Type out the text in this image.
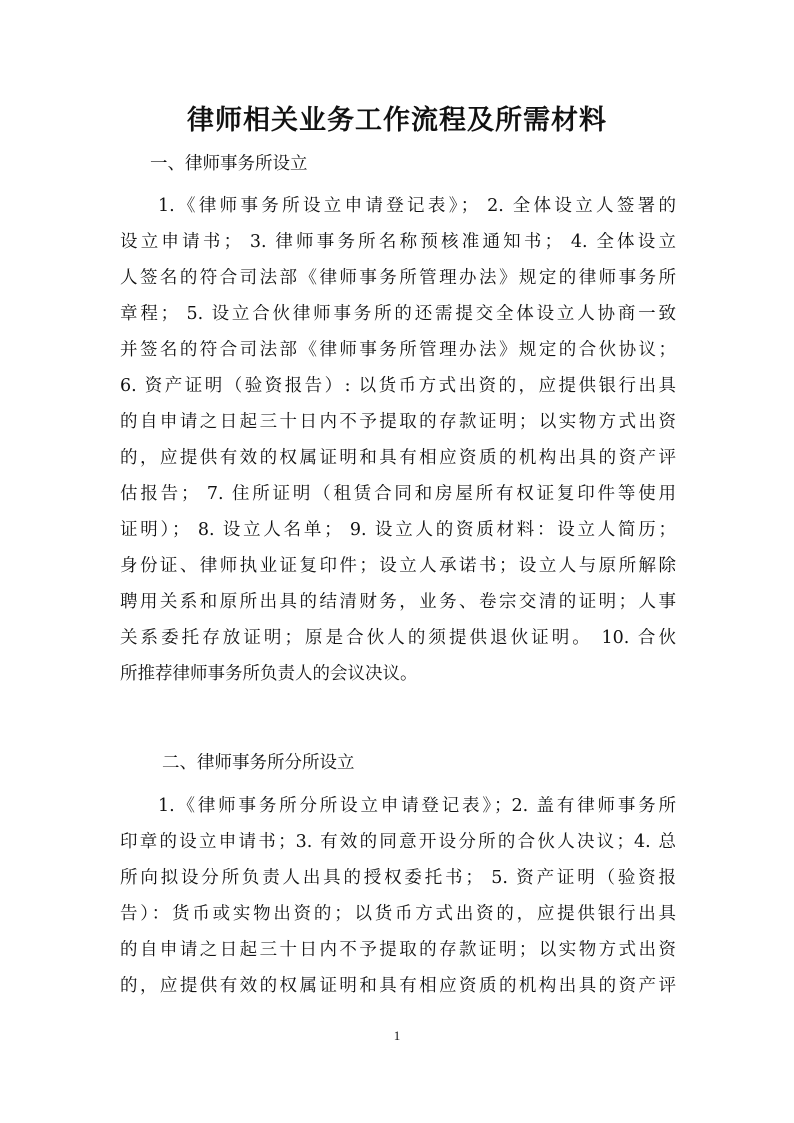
律师相关业务工作流程及所需材料

一、律师事务所设立

1.《律师事务所设立申请登记表》； 2. 全体设立人签署的
设立申请书； 3. 律师事务所名称预核准通知书； 4. 全体设立
人签名的符合司法部《律师事务所管理办法》规定的律师事务所
章程； 5. 设立合伙律师事务所的还需提交全体设立人协商一致
并签名的符合司法部《律师事务所管理办法》规定的合伙协议；
6. 资产证明（验资报告）: 以货币方式出资的，应提供银行出具
的自申请之日起三十日内不予提取的存款证明；以实物方式出资
的，应提供有效的权属证明和具有相应资质的机构出具的资产评
估报告； 7. 住所证明（租赁合同和房屋所有权证复印件等使用
证明）； 8. 设立人名单； 9. 设立人的资质材料：设立人简历；
身份证、律师执业证复印件；设立人承诺书；设立人与原所解除
聘用关系和原所出具的结清财务，业务、卷宗交清的证明；人事
关系委托存放证明；原是合伙人的须提供退伙证明。 10. 合伙
所推荐律师事务所负责人的会议决议。

二、律师事务所分所设立

1.《律师事务所分所设立申请登记表》；2. 盖有律师事务所
印章的设立申请书；3. 有效的同意开设分所的合伙人决议；4. 总
所向拟设分所负责人出具的授权委托书； 5. 资产证明（验资报
告）：货币或实物出资的；以货币方式出资的，应提供银行出具
的自申请之日起三十日内不予提取的存款证明；以实物方式出资
的，应提供有效的权属证明和具有相应资质的机构出具的资产评
1
